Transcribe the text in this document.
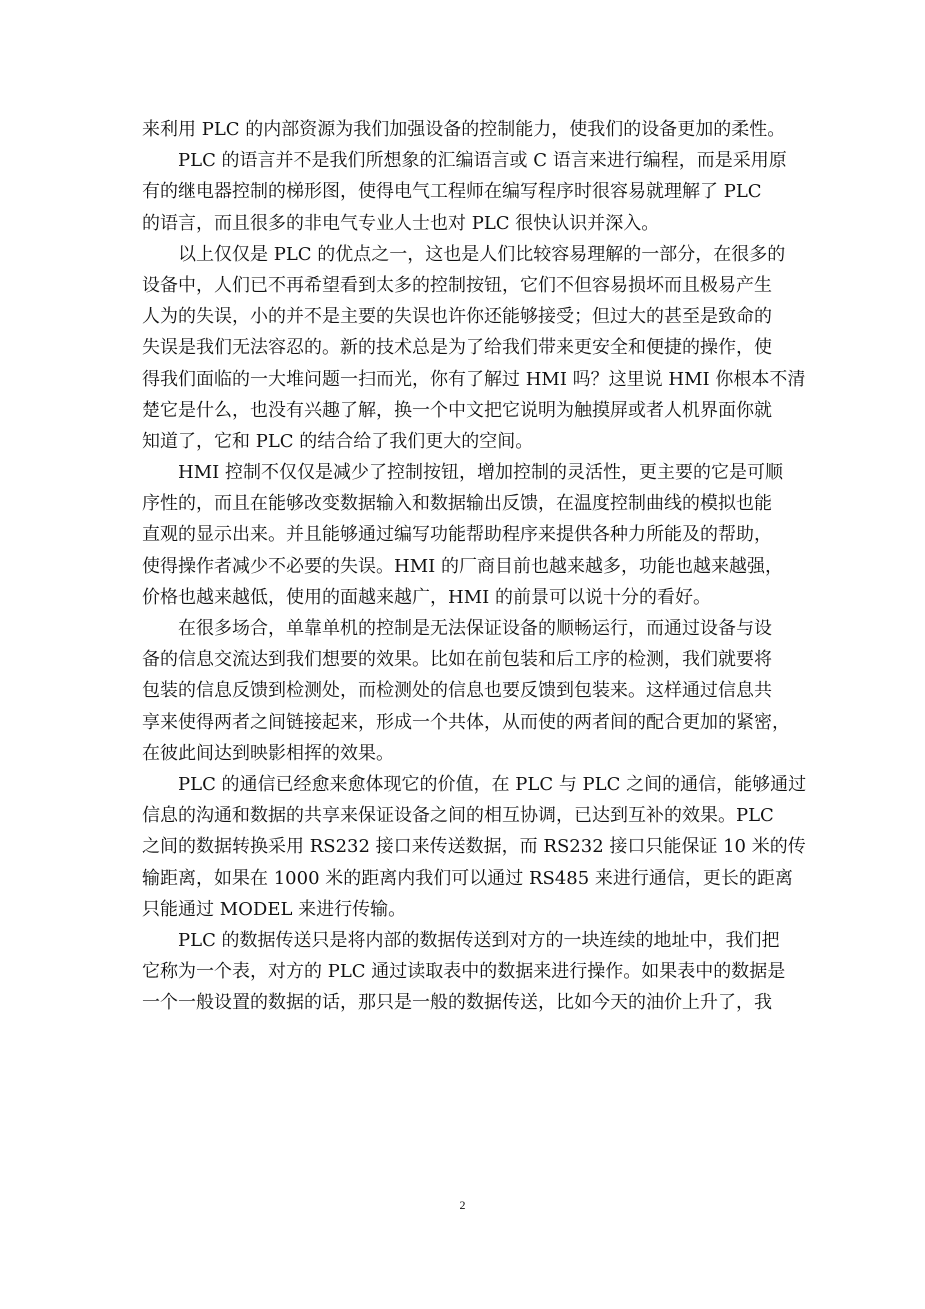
来利用 PLC 的内部资源为我们加强设备的控制能力，使我们的设备更加的柔性。
　　PLC 的语言并不是我们所想象的汇编语言或 C 语言来进行编程，而是采用原
有的继电器控制的梯形图，使得电气工程师在编写程序时很容易就理解了 PLC
的语言，而且很多的非电气专业人士也对 PLC 很快认识并深入。
　　以上仅仅是 PLC 的优点之一，这也是人们比较容易理解的一部分，在很多的
设备中，人们已不再希望看到太多的控制按钮，它们不但容易损坏而且极易产生
人为的失误，小的并不是主要的失误也许你还能够接受；但过大的甚至是致命的
失误是我们无法容忍的。新的技术总是为了给我们带来更安全和便捷的操作，使
得我们面临的一大堆问题一扫而光，你有了解过 HMI 吗？这里说 HMI 你根本不清
楚它是什么，也没有兴趣了解，换一个中文把它说明为触摸屏或者人机界面你就
知道了，它和 PLC 的结合给了我们更大的空间。
　　HMI 控制不仅仅是减少了控制按钮，增加控制的灵活性，更主要的它是可顺
序性的，而且在能够改变数据输入和数据输出反馈，在温度控制曲线的模拟也能
直观的显示出来。并且能够通过编写功能帮助程序来提供各种力所能及的帮助，
使得操作者减少不必要的失误。HMI 的厂商目前也越来越多，功能也越来越强，
价格也越来越低，使用的面越来越广，HMI 的前景可以说十分的看好。
　　在很多场合，单靠单机的控制是无法保证设备的顺畅运行，而通过设备与设
备的信息交流达到我们想要的效果。比如在前包装和后工序的检测，我们就要将
包装的信息反馈到检测处，而检测处的信息也要反馈到包装来。这样通过信息共
享来使得两者之间链接起来，形成一个共体，从而使的两者间的配合更加的紧密，
在彼此间达到映影相挥的效果。
　　PLC 的通信已经愈来愈体现它的价值，在 PLC 与 PLC 之间的通信，能够通过
信息的沟通和数据的共享来保证设备之间的相互协调，已达到互补的效果。PLC
之间的数据转换采用 RS232 接口来传送数据，而 RS232 接口只能保证 10 米的传
输距离，如果在 1000 米的距离内我们可以通过 RS485 来进行通信，更长的距离
只能通过 MODEL 来进行传输。
　　PLC 的数据传送只是将内部的数据传送到对方的一块连续的地址中，我们把
它称为一个表，对方的 PLC 通过读取表中的数据来进行操作。如果表中的数据是
一个一般设置的数据的话，那只是一般的数据传送，比如今天的油价上升了，我
2
